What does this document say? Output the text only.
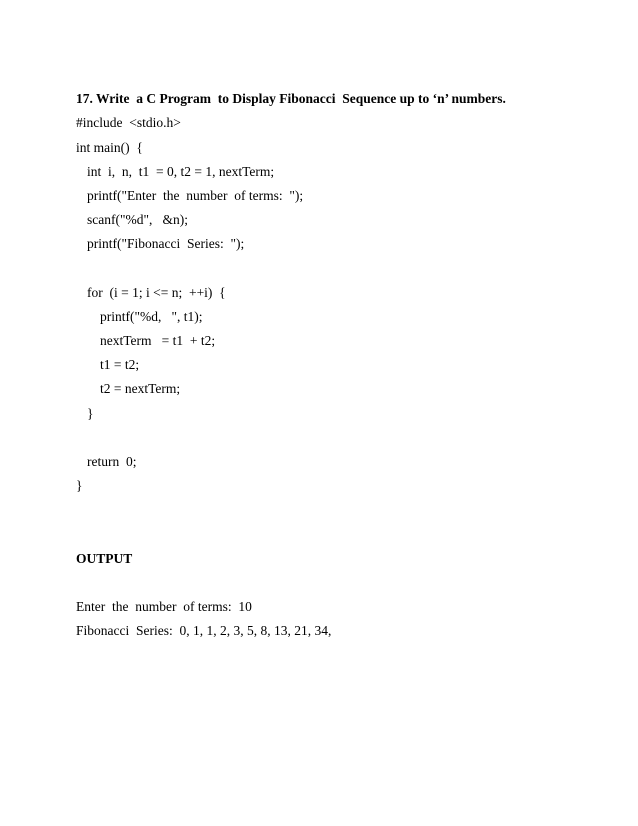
17. Write  a C Program  to Display Fibonacci  Sequence up to ‘n’ numbers.
#include  <stdio.h>
int main()  {
int  i,  n,  t1  = 0, t2 = 1, nextTerm;
printf("Enter  the  number  of terms:  ");
scanf("%d",   &n);
printf("Fibonacci  Series:  ");
for  (i = 1; i <= n;  ++i)  {
printf("%d,   ", t1);
nextTerm   = t1  + t2;
t1 = t2;
t2 = nextTerm;
}
return  0;
}
OUTPUT
Enter  the  number  of terms:  10
Fibonacci  Series:  0, 1, 1, 2, 3, 5, 8, 13, 21, 34,
